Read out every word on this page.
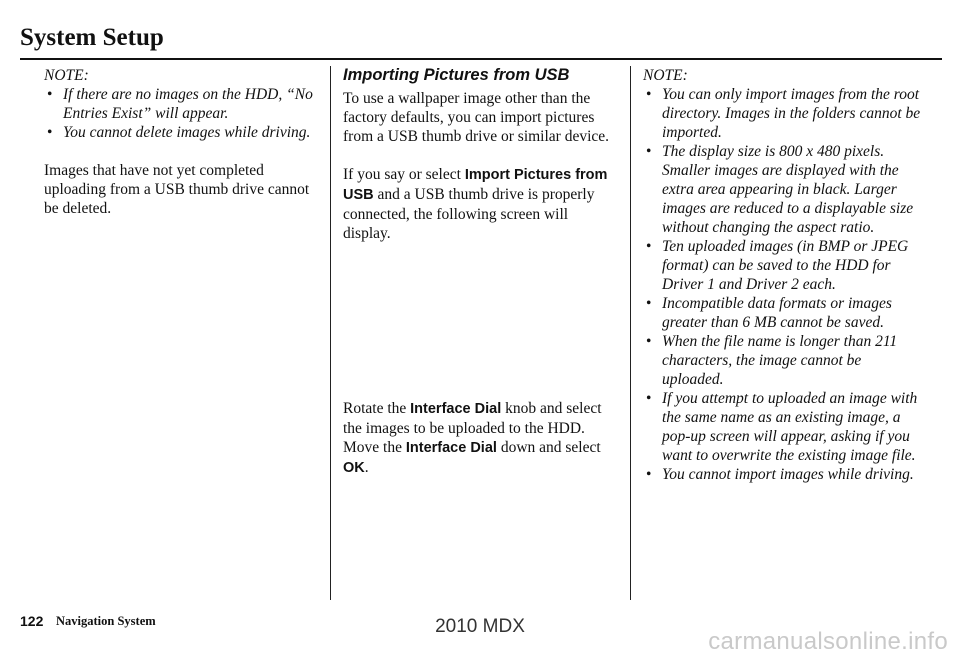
System Setup

NOTE:

• If there are no images on the HDD, “No Entries Exist” will appear.
• You cannot delete images while driving.

Images that have not yet completed uploading from a USB thumb drive cannot be deleted.

Importing Pictures from USB

To use a wallpaper image other than the factory defaults, you can import pictures from a USB thumb drive or similar device.

If you say or select Import Pictures from USB and a USB thumb drive is properly connected, the following screen will display.

Rotate the Interface Dial knob and select the images to be uploaded to the HDD. Move the Interface Dial down and select OK.

NOTE:

• You can only import images from the root directory. Images in the folders cannot be imported.
• The display size is 800 x 480 pixels. Smaller images are displayed with the extra area appearing in black. Larger images are reduced to a displayable size without changing the aspect ratio.
• Ten uploaded images (in BMP or JPEG format) can be saved to the HDD for Driver 1 and Driver 2 each.
• Incompatible data formats or images greater than 6 MB cannot be saved.
• When the file name is longer than 211 characters, the image cannot be uploaded.
• If you attempt to uploaded an image with the same name as an existing image, a pop-up screen will appear, asking if you want to overwrite the existing image file.
• You cannot import images while driving.
122 Navigation System	2010 MDX
carmanualsonline.info
